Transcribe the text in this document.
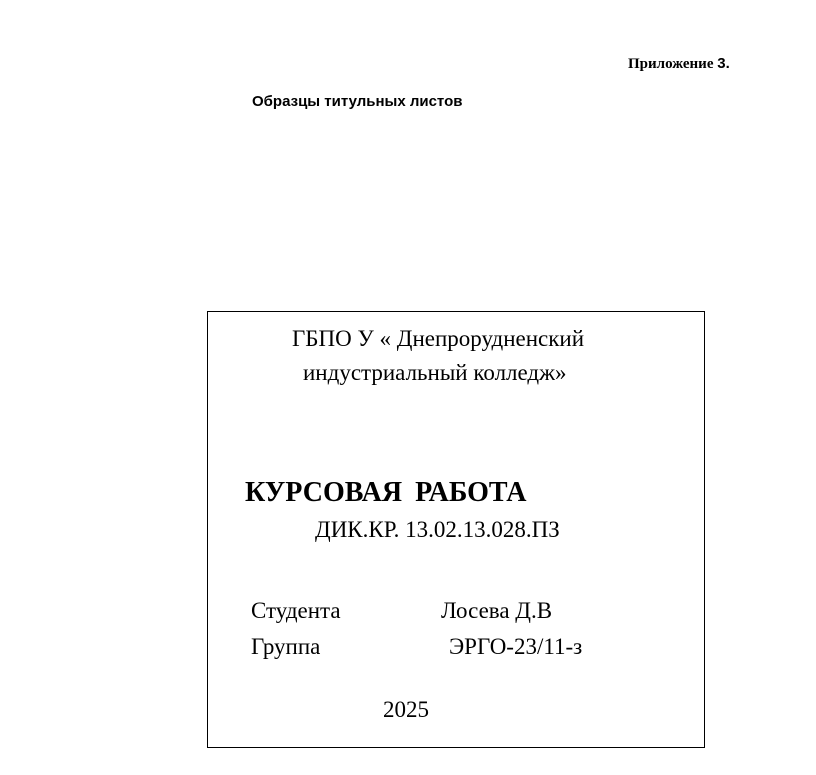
Приложение 3.
Образцы титульных листов
ГБПО У « Днепрорудненский
индустриальный колледж»
КУРСОВАЯ РАБОТА
ДИК.КР. 13.02.13.028.ПЗ
Студента	Лосева Д.В
Группа	ЭРГО-23/11-з
2025
